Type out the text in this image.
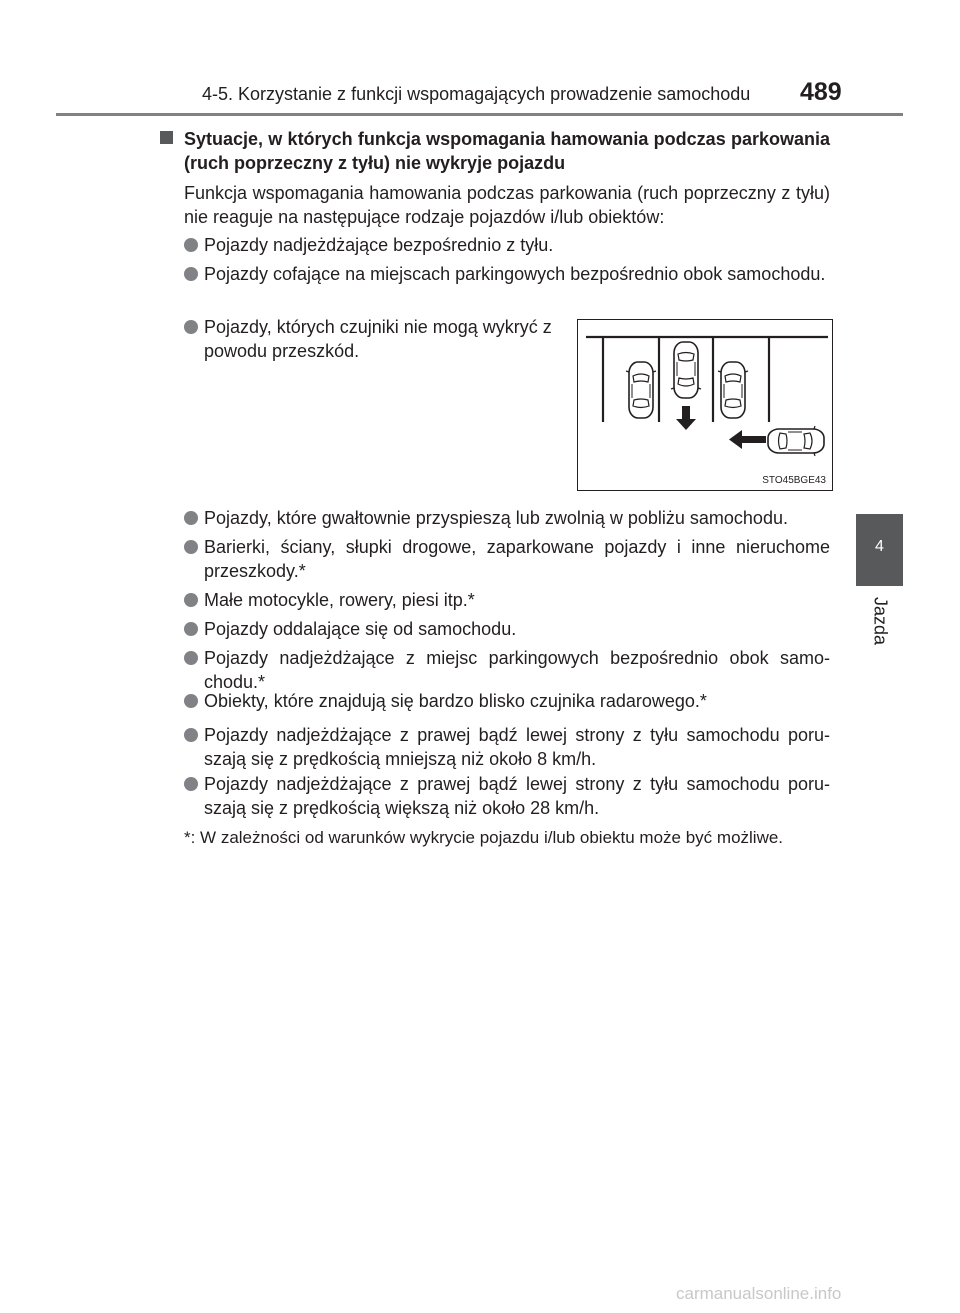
4-5. Korzystanie z funkcji wspomagających prowadzenie samochodu	489
4
Jazda
Sytuacje, w których funkcja wspomagania hamowania podczas parkowania (ruch poprzeczny z tyłu) nie wykryje pojazdu
Funkcja wspomagania hamowania podczas parkowania (ruch poprzeczny z tyłu) nie reaguje na następujące rodzaje pojazdów i/lub obiektów:
Pojazdy nadjeżdżające bezpośrednio z tyłu.
Pojazdy cofające na miejscach parkingowych bezpośrednio obok samochodu.
Pojazdy, których czujniki nie mogą wykryć z powodu przeszkód.
STO45BGE43
Pojazdy, które gwałtownie przyspieszą lub zwolnią w pobliżu samochodu.
Barierki, ściany, słupki drogowe, zaparkowane pojazdy i inne nieruchome przeszkody.*
Małe motocykle, rowery, piesi itp.*
Pojazdy oddalające się od samochodu.
Pojazdy nadjeżdżające z miejsc parkingowych bezpośrednio obok samochodu.*
Obiekty, które znajdują się bardzo blisko czujnika radarowego.*
Pojazdy nadjeżdżające z prawej bądź lewej strony z tyłu samochodu poruszają się z prędkością mniejszą niż około 8 km/h.
Pojazdy nadjeżdżające z prawej bądź lewej strony z tyłu samochodu poruszają się z prędkością większą niż około 28 km/h.
*: W zależności od warunków wykrycie pojazdu i/lub obiektu może być możliwe.
carmanualsonline.info
